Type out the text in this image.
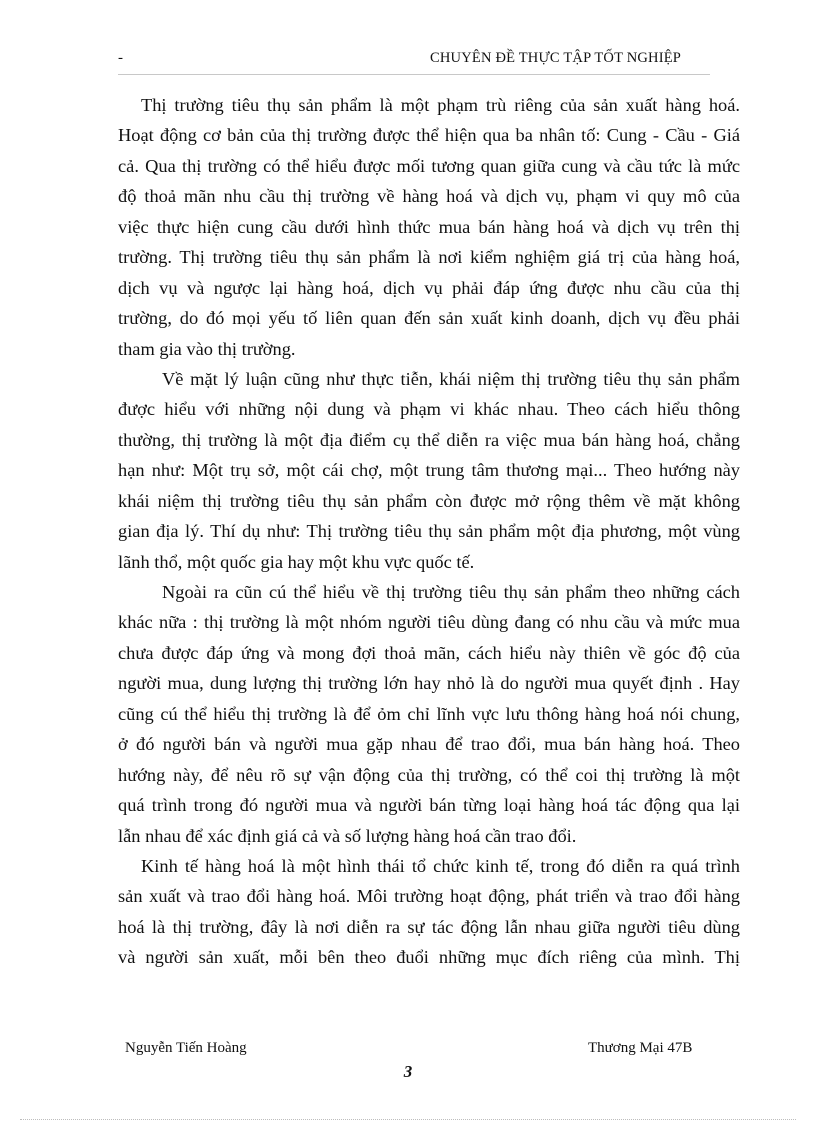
-	CHUYÊN ĐỀ THỰC TẬP TỐT NGHIỆP
Thị trường tiêu thụ sản phẩm là một phạm trù riêng của sản xuất hàng hoá.
Hoạt động cơ bản của thị trường được thể hiện qua ba nhân tố: Cung - Cầu - Giá
cả. Qua thị trường có thể hiểu được mối tương quan giữa cung và cầu tức là mức
độ thoả mãn nhu cầu thị trường về hàng hoá và dịch vụ, phạm vi quy mô của
việc thực hiện cung cầu dưới hình thức mua bán hàng hoá và dịch vụ trên thị
trường. Thị trường tiêu thụ sản phẩm là nơi kiểm nghiệm giá trị của hàng hoá,
dịch vụ và ngược lại hàng hoá, dịch vụ phải đáp ứng được nhu cầu của thị
trường, do đó mọi yếu tố liên quan đến sản xuất kinh doanh, dịch vụ đều phải
tham gia vào thị trường.
Về mặt lý luận cũng như thực tiễn, khái niệm thị trường tiêu thụ sản phẩm
được hiểu với những nội dung và phạm vi khác nhau. Theo cách hiểu thông
thường, thị trường là một địa điểm cụ thể diễn ra việc mua bán hàng hoá, chẳng
hạn như: Một trụ sở, một cái chợ, một trung tâm thương mại... Theo hướng này
khái niệm thị trường tiêu thụ sản phẩm còn được mở rộng thêm về mặt không
gian địa lý. Thí dụ như: Thị trường tiêu thụ sản phẩm một địa phương, một vùng
lãnh thổ, một quốc gia hay một khu vực quốc tế.
Ngoài ra cũn cú thể hiểu về thị trường tiêu thụ sản phẩm theo những cách
khác nữa : thị trường là một nhóm người tiêu dùng đang có nhu cầu và mức mua
chưa được đáp ứng và mong đợi thoả mãn, cách hiểu này thiên về góc độ của
người mua, dung lượng thị trường lớn hay nhỏ là do người mua quyết định . Hay
cũng cú thể hiểu thị trường là để ỏm chỉ lĩnh vực lưu thông hàng hoá nói chung,
ở đó người bán và người mua gặp nhau để trao đổi, mua bán hàng hoá. Theo
hướng này, để nêu rõ sự vận động của thị trường, có thể coi thị trường là một
quá trình trong đó người mua và người bán từng loại hàng hoá tác động qua lại
lẫn nhau để xác định giá cả và số lượng hàng hoá cần trao đổi.
Kinh tế hàng hoá là một hình thái tổ chức kinh tế, trong đó diễn ra quá trình
sản xuất và trao đổi hàng hoá. Môi trường hoạt động, phát triển và trao đổi hàng
hoá là thị trường, đây là nơi diễn ra sự tác động lẫn nhau giữa người tiêu dùng
và người sản xuất, mỗi bên theo đuổi những mục đích riêng của mình. Thị
Nguyễn Tiến Hoàng	Thương Mại 47B
3
